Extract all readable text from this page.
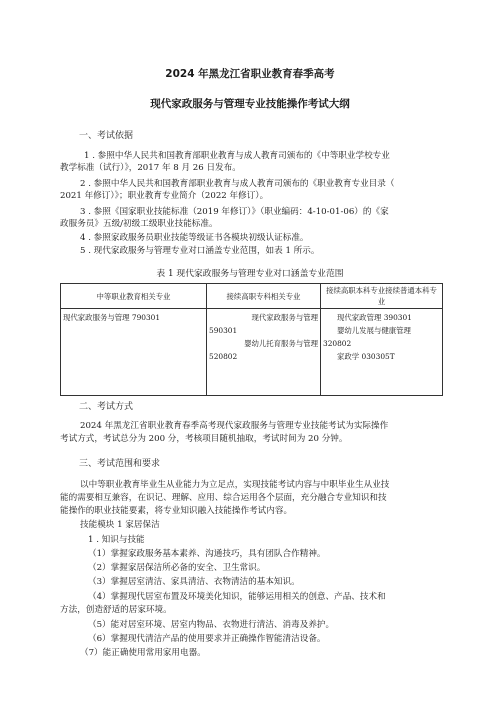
2024 年黑龙江省职业教育春季高考
现代家政服务与管理专业技能操作考试大纲
一、考试依据
1 . 参照中华人民共和国教育部职业教育与成人教育司颁布的《中等职业学校专业
教学标准（试行）》，2017 年 8 月 26 日发布。
2 . 参照中华人民共和国教育部职业教育与成人教育司颁布的《职业教育专业目录（
2021 年修订）》；职业教育专业简介（2022 年修订）。
3 . 参照《国家职业技能标准（2019 年修订）》（职业编码：4-10-01-06）的《家
政服务员》五级/初级工级职业技能标准。
4 . 参照家政服务员职业技能等级证书各模块初级认证标准。
5 . 现代家政服务与管理专业对口涵盖专业范围，如表 1 所示。
表 1 现代家政服务与管理专业对口涵盖专业范围
中等职业教育相关专业	接续高职专科相关专业	接续高职本科专业接续普通本科专业

现代家政服务与管理 790301	现代家政服务与管理
590301
婴幼儿托育服务与管理
520802	现代家政管理 390301
婴幼儿发展与健康管理
320802
家政学 030305T
二、考试方式
2024 年黑龙江省职业教育春季高考现代家政服务与管理专业技能考试为实际操作
考试方式，考试总分为 200 分，考核项目随机抽取，考试时间为 20 分钟。
三、考试范围和要求
以中等职业教育毕业生从业能力为立足点，实现技能考试内容与中职毕业生从业技
能的需要相互兼容，在识记、理解、应用、综合运用各个层面，充分融合专业知识和技
能操作的职业技能要素，将专业知识融入技能操作考试内容。
技能模块 1 家居保洁
1 . 知识与技能
（1）掌握家政服务基本素养、沟通技巧，具有团队合作精神。
（2）掌握家居保洁所必备的安全、卫生常识。
（3）掌握居室清洁、家具清洁、衣物清洁的基本知识。
（4）掌握现代居室布置及环境美化知识，能够运用相关的创意、产品、技术和
方法，创造舒适的居家环境。
（5）能对居室环境、居室内物品、衣物进行清洁、消毒及养护。
（6）掌握现代清洁产品的使用要求并正确操作智能清洁设备。
（7）能正确使用常用家用电器。
